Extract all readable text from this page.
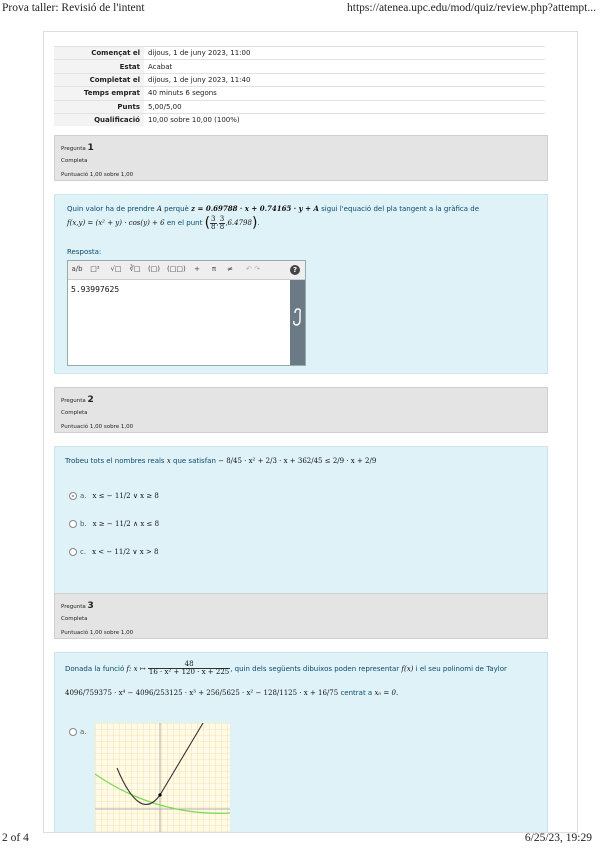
Prova taller: Revisió de l'intent	https://atenea.upc.edu/mod/quiz/review.php?attempt...
Començat el	dijous, 1 de juny 2023, 11:00
Estat	Acabat
Completat el	dijous, 1 de juny 2023, 11:40
Temps emprat	40 minuts 6 segons
Punts	5,00/5,00
Qualificació	10,00 sobre 10,00 (100%)
Pregunta 1
Completa
Puntuació 1,00 sobre 1,00
Quin valor ha de prendre A perquè z = 0.69788 · x + 0.74165 · y + A sigui l'equació del pla tangent a la gràfica de
f(x,y) = (x² + y) · cos(y) + 6
en el punt
( $\frac{3}{8}$ , $\frac{3}{8}$ , 6.4798 ) .
Resposta:
a/b	□²	√□	∛□	(□) (□□) +	π	≠	↶ ↷	?
5.93997625
Pregunta 2
Completa
Puntuació 1,00 sobre 1,00
Trobeu tots el nombres reals
x
que satisfan
− 8/45 · x² + 2/3 · x + 362/45 ≤ 2/9 · x + 2/9
a. x ≤ − 11/2 ∨ x ≥ 8
b. x ≥ − 11/2 ∧ x ≤ 8
c. x < − 11/2 ∨ x > 8
Pregunta 3
Completa
Puntuació 1,00 sobre 1,00
Donada la funció
f: x ↦
$\frac{48}{\text{16 · x² + 120 · x + 225}}$ , quin dels següents dibuixos poden representar
f(x)
i el seu polinomi de Taylor
4096/759375 · x⁴ − 4096/253125 · x³ + 256/5625 · x² − 128/1125 · x + 16/75 centrat a x₀ = 0.
a.
2 of 4	6/25/23, 19:29
